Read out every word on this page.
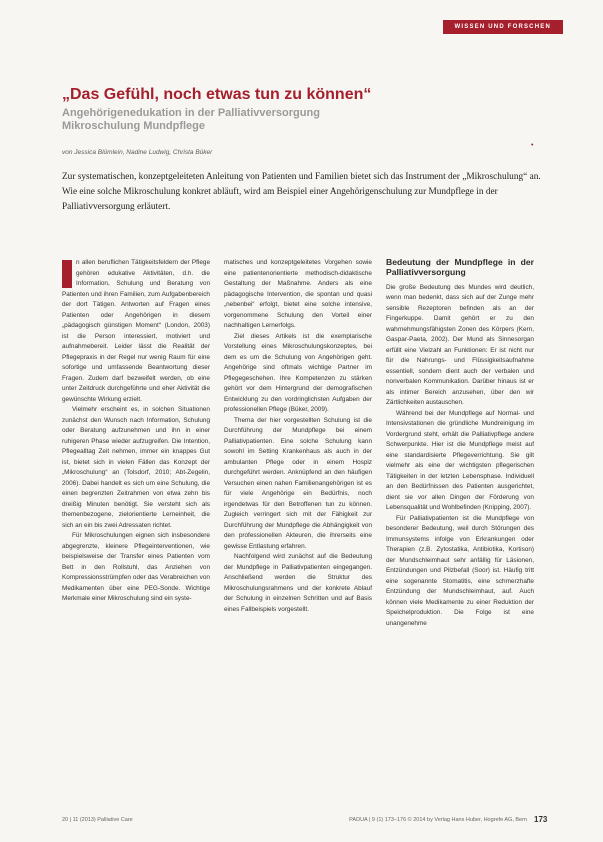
WISSEN UND FORSCHEN
„Das Gefühl, noch etwas tun zu können“
Angehörigenedukation in der Palliativversorgung
Mikroschulung Mundpflege

von Jessica Blümlein, Nadine Ludwig, Christa Büker

•

Zur systematischen, konzeptgeleiteten Anleitung von Patienten und Familien bietet sich das Instrument der „Mikroschulung“ an. Wie eine solche Mikroschulung konkret abläuft, wird am Beispiel einer Angehörigenschulung zur Mundpflege in der Palliativversorgung erläutert.

n allen beruflichen Tätigkeitsfeldern der Pflege gehören edukative Aktivitäten, d.h. die Information, Schulung und Beratung von Patienten und ihren Familien, zum Aufgabenbereich der dort Tätigen. Antworten auf Fragen eines Patienten oder Angehörigen in diesem „pädagogisch günstigen Moment“ (London, 2003) ist die Person interessiert, motiviert und aufnahmebereit. Leider lässt die Realität der Pflegepraxis in der Regel nur wenig Raum für eine sofortige und umfassende Beantwortung dieser Fragen. Zudem darf bezweifelt werden, ob eine unter Zeitdruck durchgeführte und eher Aktivität die gewünschte Wirkung erzielt.

Vielmehr erscheint es, in solchen Situationen zunächst den Wunsch nach Information, Schulung oder Beratung aufzunehmen und ihn in einer ruhigeren Phase wieder aufzugreifen. Die Intention, Pflegealltag Zeit nehmen, immer ein knappes Gut ist, bietet sich in vielen Fällen das Konzept der „Mikroschulung“ an (Tolsdorf, 2010; Abt-Zegelin, 2006). Dabei handelt es sich um eine Schulung, die einen begrenzten Zeitrahmen von etwa zehn bis dreißig Minuten benötigt. Sie versteht sich als themenbezogene, zielorientierte Lerneinheit, die sich an ein bis zwei Adressaten richtet.

Für Mikroschulungen eignen sich insbesondere abgegrenzte, kleinere Pflegeinterventionen, wie beispielsweise der Transfer eines Patienten vom Bett in den Rollstuhl, das Anziehen von Kompressionsstrümpfen oder das Verabreichen von Medikamenten über eine PEG-Sonde. Wichtige Merkmale einer Mikroschulung sind ein syste-

matisches und konzeptgeleitetes Vorgehen sowie eine patientenorientierte methodisch-didaktische Gestaltung der Maßnahme. Anders als eine pädagogische Intervention, die spontan und quasi „nebenbei“ erfolgt, bietet eine solche intensive, vorgenommene Schulung den Vorteil einer nachhaltigen Lernerfolgs.

Ziel dieses Artikels ist die exemplarische Vorstellung eines Mikroschulungskonzeptes, bei dem es um die Schulung von Angehörigen geht. Angehörige sind oftmals wichtige Partner im Pflegegeschehen. Ihre Kompetenzen zu stärken gehört vor dem Hintergrund der demografischen Entwicklung zu den vordringlichsten Aufgaben der professionellen Pflege (Büker, 2009).

Thema der hier vorgestellten Schulung ist die Durchführung der Mundpflege bei einem Palliativpatienten. Eine solche Schulung kann sowohl im Setting Krankenhaus als auch in der ambulanten Pflege oder in einem Hospiz durchgeführt werden. Anknüpfend an den häufigen Versuchen einen nahen Familienangehörigen ist es für viele Angehörige ein Bedürfnis, noch irgendetwas für den Betroffenen tun zu können. Zugleich verringert sich mit der Fähigkeit zur Durchführung der Mundpflege die Abhängigkeit von den professionellen Akteuren, die ihrerseits eine gewisse Entlastung erfahren.

Nachfolgend wird zunächst auf die Bedeutung der Mundpflege in Palliativpatienten eingegangen. Anschließend werden die Struktur des Mikroschulungsrahmens und der konkrete Ablauf der Schulung in einzelnen Schritten und auf Basis eines Fallbeispiels vorgestellt.

Bedeutung der Mundpflege in der Palliativversorgung

Die große Bedeutung des Mundes wird deutlich, wenn man bedenkt, dass sich auf der Zunge mehr sensible Rezeptoren befinden als an der Fingerkuppe. Damit gehört er zu den wahrnehmungsfähigsten Zonen des Körpers (Kern, Gaspar-Paeta, 2002). Der Mund als Sinnesorgan erfüllt eine Vielzahl an Funktionen: Er ist nicht nur für die Nahrungs- und Flüssigkeitsaufnahme essentiell, sondern dient auch der verbalen und nonverbalen Kommunikation. Darüber hinaus ist er als intimer Bereich anzusehen, über den wir Zärtlichkeiten austauschen.

Während bei der Mundpflege auf Normal- und Intensivstationen die gründliche Mundreinigung im Vordergrund steht, erhält die Palliativpflege andere Schwerpunkte. Hier ist die Mundpflege meist auf eine standardisierte Pflegeverrichtung. Sie gilt vielmehr als eine der wichtigsten pflegerischen Tätigkeiten in der letzten Lebensphase. Individuell an den Bedürfnissen des Patienten ausgerichtet, dient sie vor allen Dingen der Förderung von Lebensqualität und Wohlbefinden (Knipping, 2007).

Für Palliativpatienten ist die Mundpflege von besonderer Bedeutung, weil durch Störungen des Immunsystems infolge von Erkrankungen oder Therapien (z.B. Zytostatika, Antibiotika, Kortison) der Mundschleimhaut sehr anfällig für Läsionen, Entzündungen und Pilzbefall (Soor) ist. Häufig tritt eine sogenannte Stomatitis, eine schmerzhafte Entzündung der Mundschleimhaut, auf. Auch können viele Medikamente zu einer Reduktion der Speichelproduktion. Die Folge ist eine unangenehme

20 | 11 (2013) Palliative Care	PADUA | 9 (1) 173–176 © 2014 by Verlag Hans Huber, Hogrefe AG, Bern 173
